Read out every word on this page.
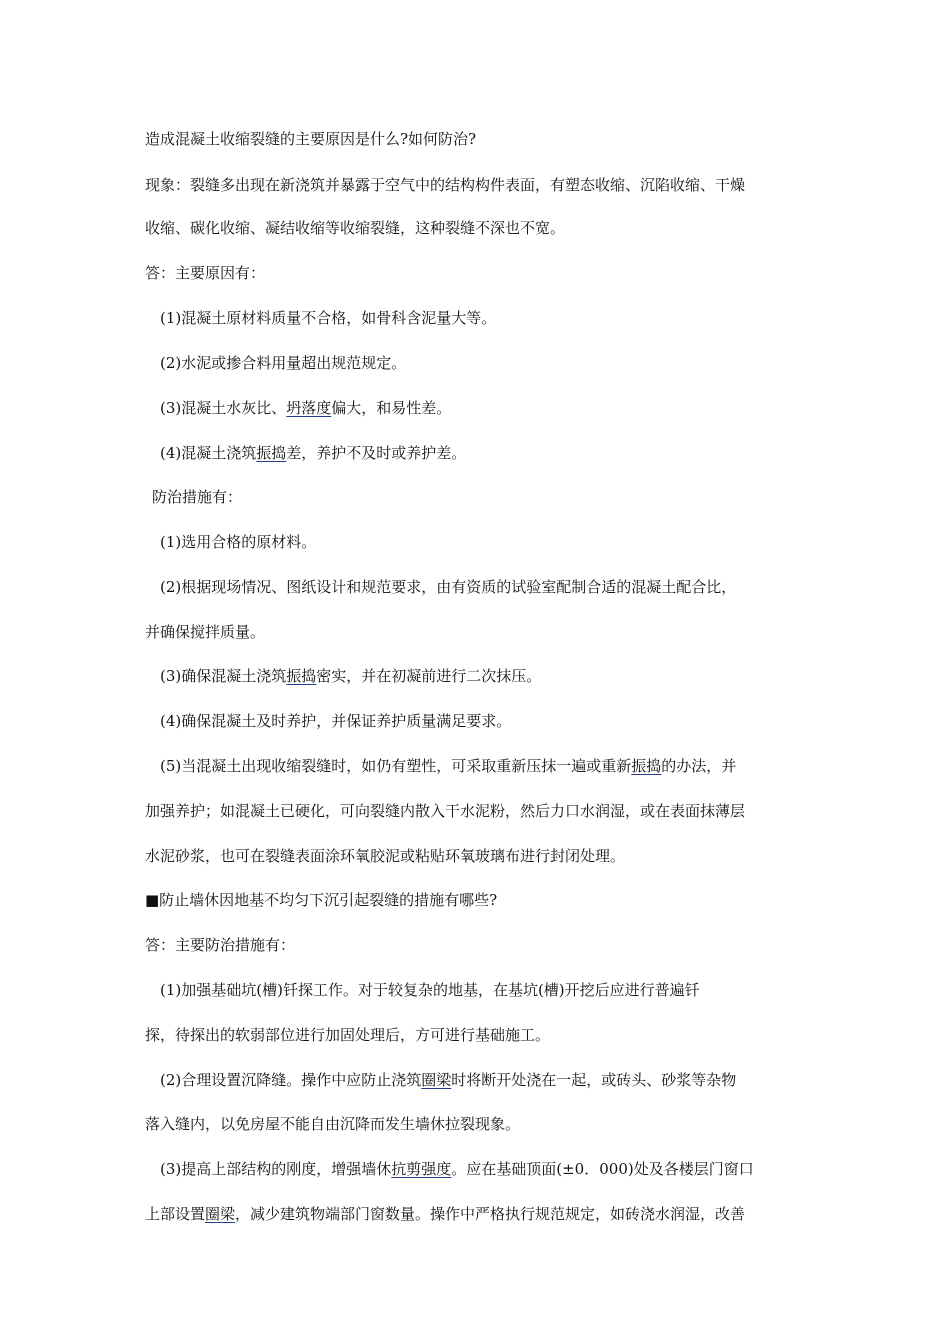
造成混凝土收缩裂缝的主要原因是什么?如何防治?
现象：裂缝多出现在新浇筑并暴露于空气中的结构构件表面，有塑态收缩、沉陷收缩、干燥
收缩、碳化收缩、凝结收缩等收缩裂缝，这种裂缝不深也不宽。
答：主要原因有：
(1)混凝土原材料质量不合格，如骨科含泥量大等。
(2)水泥或掺合料用量超出规范规定。
(3)混凝土水灰比、坍落度偏大，和易性差。
(4)混凝土浇筑振捣差，养护不及时或养护差。
防治措施有：
(1)选用合格的原材料。
(2)根据现场情况、图纸设计和规范要求，由有资质的试验室配制合适的混凝土配合比，
并确保搅拌质量。
(3)确保混凝土浇筑振捣密实，并在初凝前进行二次抹压。
(4)确保混凝土及时养护，并保证养护质量满足要求。
(5)当混凝土出现收缩裂缝时，如仍有塑性，可采取重新压抹一遍或重新振捣的办法，并
加强养护；如混凝土已硬化，可向裂缝内散入干水泥粉，然后力口水润湿，或在表面抹薄层
水泥砂浆，也可在裂缝表面涂环氧胶泥或粘贴环氧玻璃布进行封闭处理。
■防止墙休因地基不均匀下沉引起裂缝的措施有哪些?
答：主要防治措施有：
(1)加强基础坑(槽)钎探工作。对于较复杂的地基，在基坑(槽)开挖后应进行普遍钎
探，待探出的软弱部位进行加固处理后，方可进行基础施工。
(2)合理设置沉降缝。操作中应防止浇筑圈梁时将断开处浇在一起，或砖头、砂浆等杂物
落入缝内，以免房屋不能自由沉降而发生墙休拉裂现象。
(3)提高上部结构的刚度，增强墙休抗剪强度。应在基础顶面(±0．000)处及各楼层门窗口
上部设置圈梁，减少建筑物端部门窗数量。操作中严格执行规范规定，如砖浇水润湿，改善
